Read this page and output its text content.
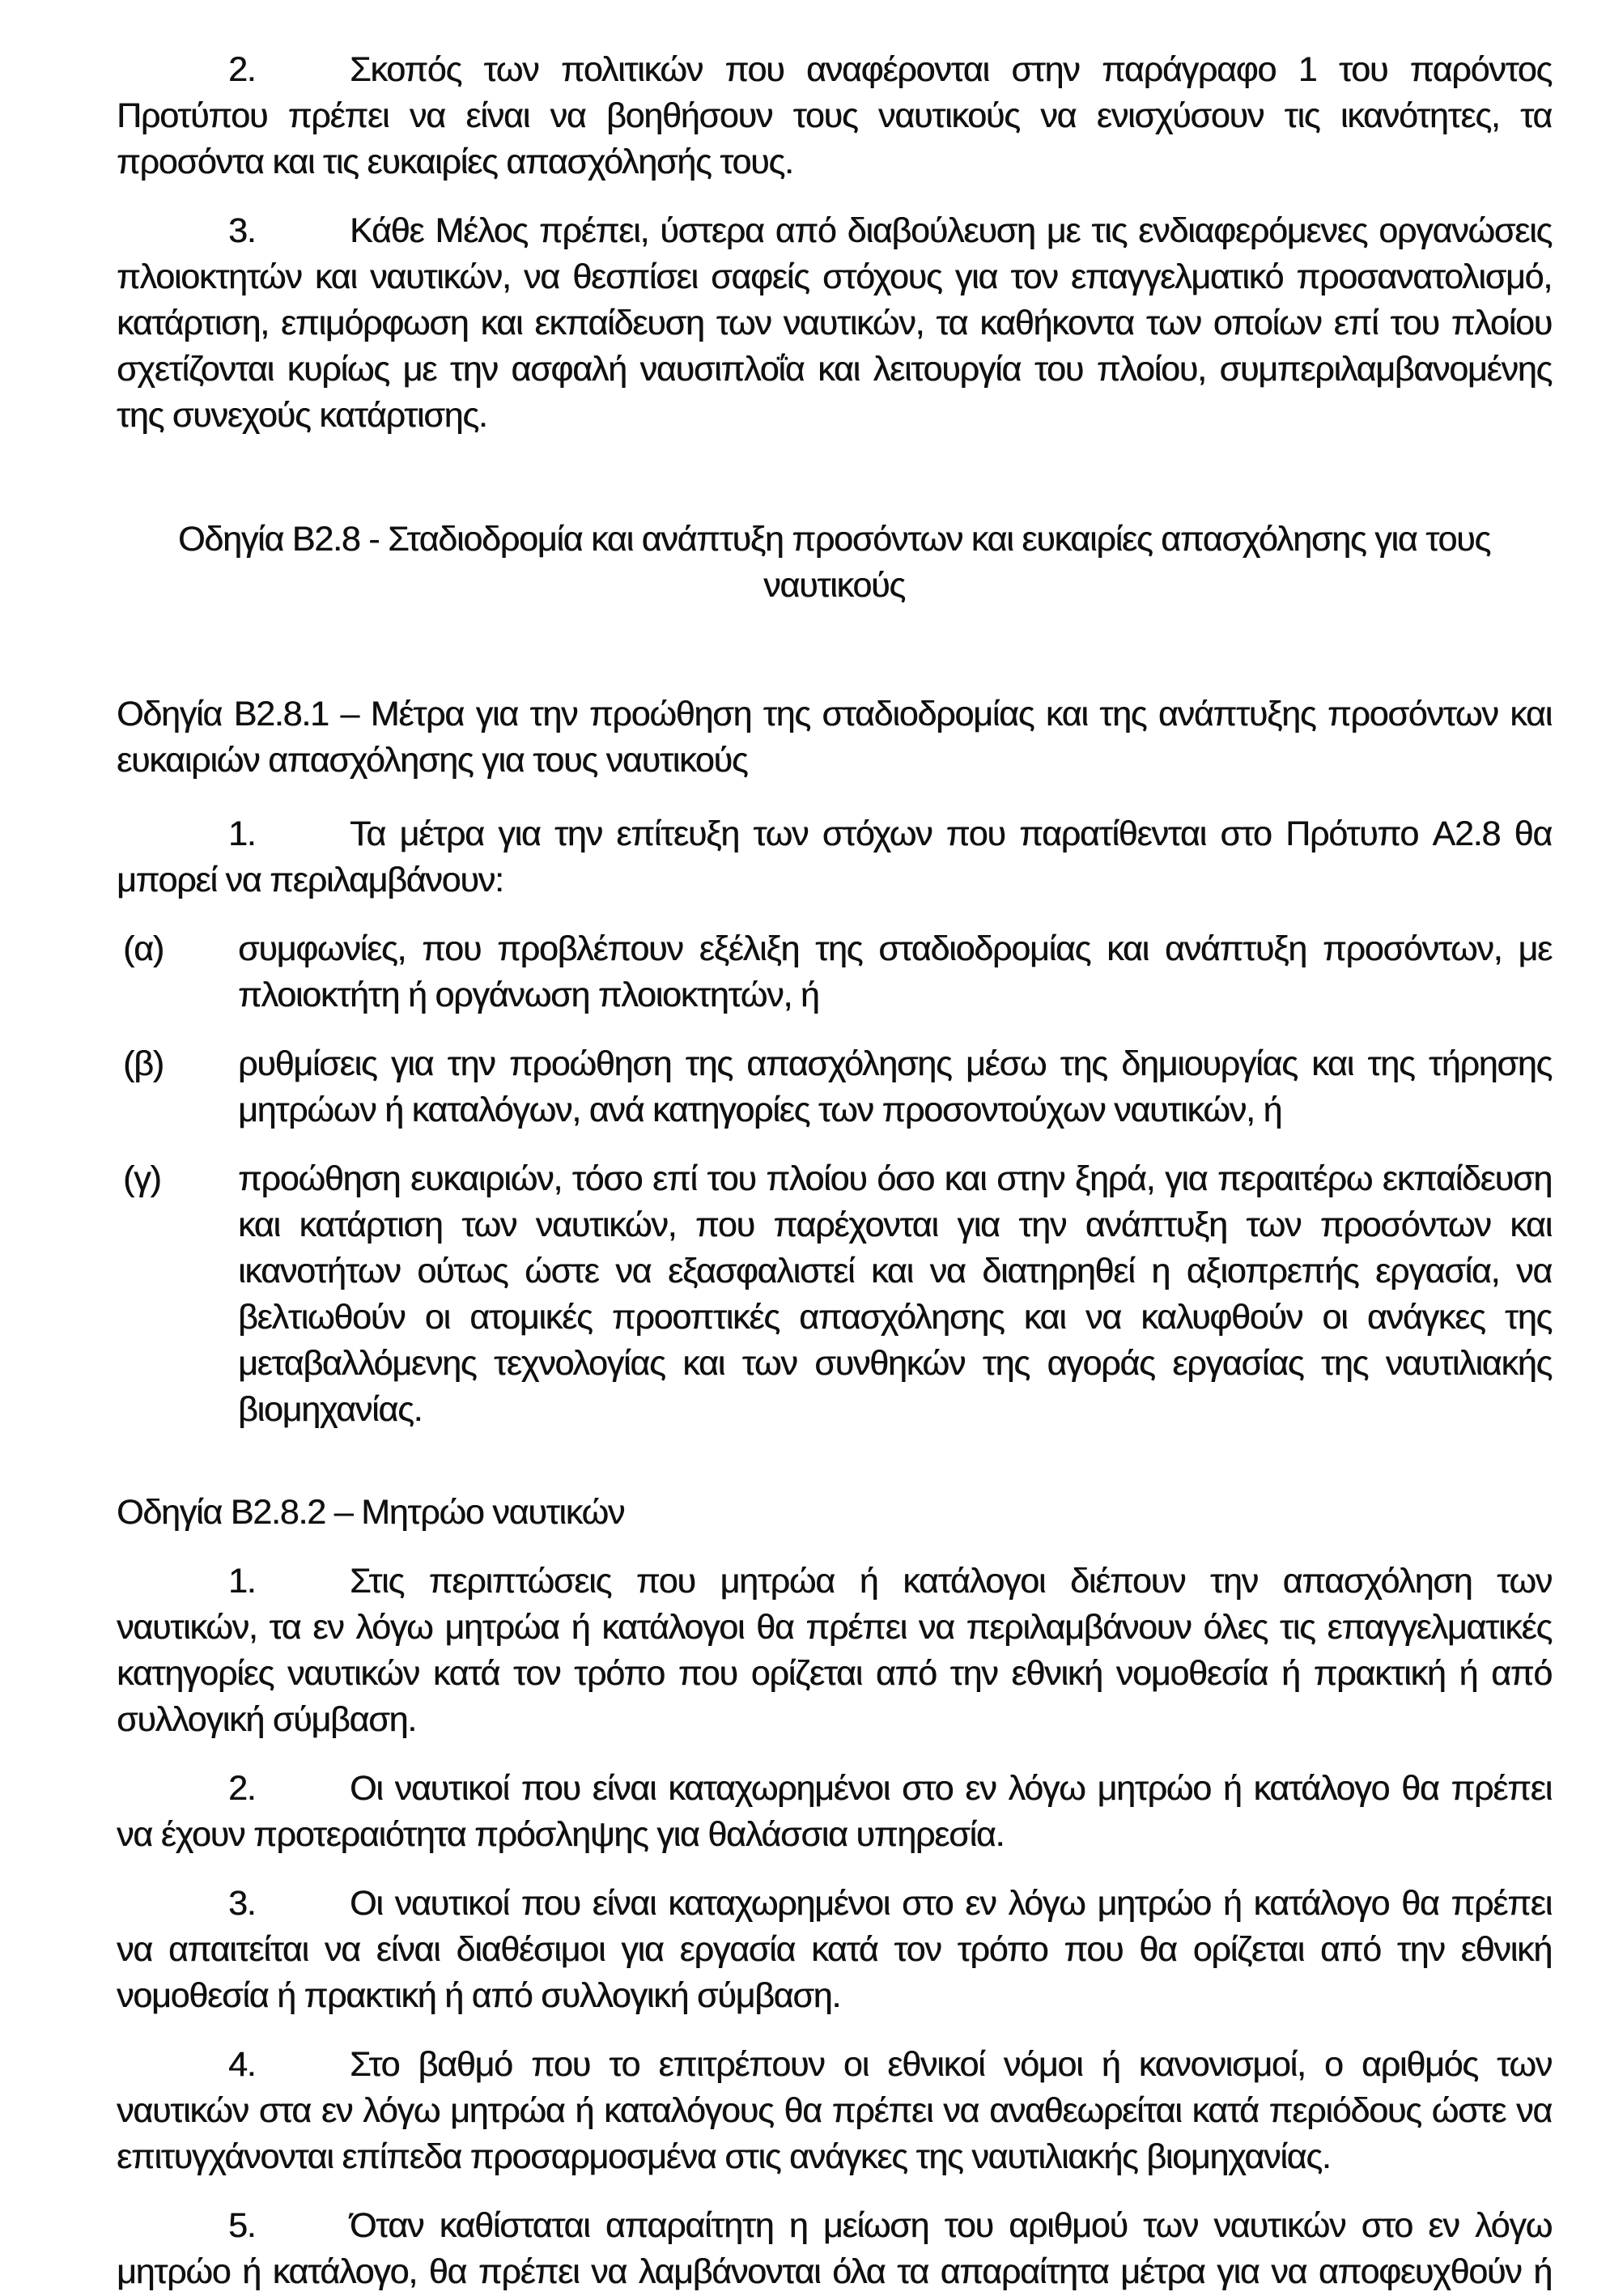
2.	Σκοπός των πολιτικών που αναφέρονται στην παράγραφο 1 του παρόντος Προτύπου πρέπει να είναι να βοηθήσουν τους ναυτικούς να ενισχύσουν τις ικανότητες, τα προσόντα και τις ευκαιρίες απασχόλησής τους.

3.	Κάθε Μέλος πρέπει, ύστερα από διαβούλευση με τις ενδιαφερόμενες οργανώσεις πλοιοκτητών και ναυτικών, να θεσπίσει σαφείς στόχους για τον επαγγελματικό προσανατολισμό, κατάρτιση, επιμόρφωση και εκπαίδευση των ναυτικών, τα καθήκοντα των οποίων επί του πλοίου σχετίζονται κυρίως με την ασφαλή ναυσιπλοΐα και λειτουργία του πλοίου, συμπεριλαμβανομένης της συνεχούς κατάρτισης.

Οδηγία B2.8 - Σταδιοδρομία και ανάπτυξη προσόντων και ευκαιρίες απασχόλησης για τους ναυτικούς
Οδηγία B2.8.1 – Μέτρα για την προώθηση της σταδιοδρομίας και της ανάπτυξης προσόντων και ευκαιριών απασχόλησης για τους ναυτικούς

1.	Τα μέτρα για την επίτευξη των στόχων που παρατίθενται στο Πρότυπο A2.8 θα μπορεί να περιλαμβάνουν:

(α) συμφωνίες, που προβλέπουν εξέλιξη της σταδιοδρομίας και ανάπτυξη προσόντων, με πλοιοκτήτη ή οργάνωση πλοιοκτητών, ή
(β) ρυθμίσεις για την προώθηση της απασχόλησης μέσω της δημιουργίας και της τήρησης μητρώων ή καταλόγων, ανά κατηγορίες των προσοντούχων ναυτικών, ή
(γ) προώθηση ευκαιριών, τόσο επί του πλοίου όσο και στην ξηρά, για περαιτέρω εκπαίδευση και κατάρτιση των ναυτικών, που παρέχονται για την ανάπτυξη των προσόντων και ικανοτήτων ούτως ώστε να εξασφαλιστεί και να διατηρηθεί η αξιοπρεπής εργασία, να βελτιωθούν οι ατομικές προοπτικές απασχόλησης και να καλυφθούν οι ανάγκες της μεταβαλλόμενης τεχνολογίας και των συνθηκών της αγοράς εργασίας της ναυτιλιακής βιομηχανίας.
Οδηγία B2.8.2 – Μητρώο ναυτικών

1.	Στις περιπτώσεις που μητρώα ή κατάλογοι διέπουν την απασχόληση των ναυτικών, τα εν λόγω μητρώα ή κατάλογοι θα πρέπει να περιλαμβάνουν όλες τις επαγγελματικές κατηγορίες ναυτικών κατά τον τρόπο που ορίζεται από την εθνική νομοθεσία ή πρακτική ή από συλλογική σύμβαση.

2.	Οι ναυτικοί που είναι καταχωρημένοι στο εν λόγω μητρώο ή κατάλογο θα πρέπει να έχουν προτεραιότητα πρόσληψης για θαλάσσια υπηρεσία.

3.	Οι ναυτικοί που είναι καταχωρημένοι στο εν λόγω μητρώο ή κατάλογο θα πρέπει να απαιτείται να είναι διαθέσιμοι για εργασία κατά τον τρόπο που θα ορίζεται από την εθνική νομοθεσία ή πρακτική ή από συλλογική σύμβαση.

4.	Στο βαθμό που το επιτρέπουν οι εθνικοί νόμοι ή κανονισμοί, ο αριθμός των ναυτικών στα εν λόγω μητρώα ή καταλόγους θα πρέπει να αναθεωρείται κατά περιόδους ώστε να επιτυγχάνονται επίπεδα προσαρμοσμένα στις ανάγκες της ναυτιλιακής βιομηχανίας.

5.	Όταν καθίσταται απαραίτητη η μείωση του αριθμού των ναυτικών στο εν λόγω μητρώο ή κατάλογο, θα πρέπει να λαμβάνονται όλα τα απαραίτητα μέτρα για να αποφευχθούν ή
